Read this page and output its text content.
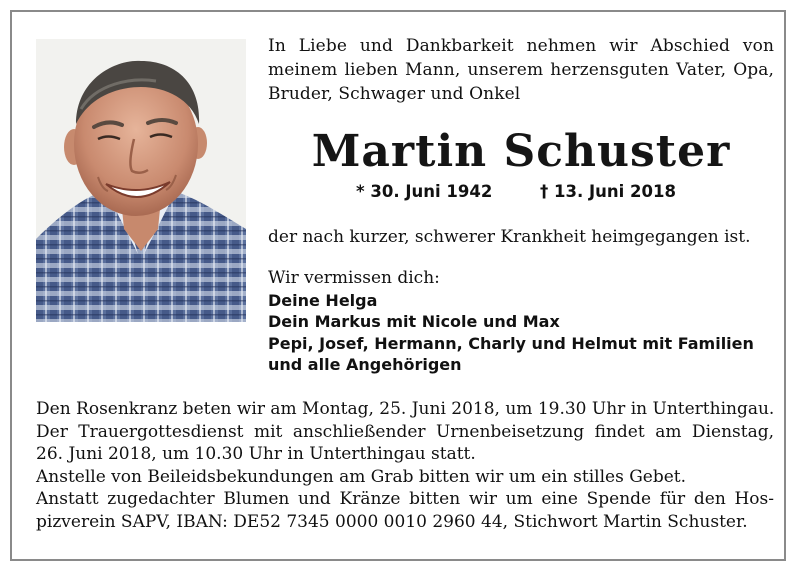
In Liebe und Dankbarkeit nehmen wir Abschied von
meinem lieben Mann, unserem herzensguten Vater, Opa,
Bruder, Schwager und Onkel
Martin Schuster
* 30. Juni 1942	† 13. Juni 2018
der nach kurzer, schwerer Krankheit heimgegangen ist.
Wir vermissen dich:
Deine Helga
Dein Markus mit Nicole und Max
Pepi, Josef, Hermann, Charly und Helmut mit Familien
und alle Angehörigen
Den Rosenkranz beten wir am Montag, 25. Juni 2018, um 19.30 Uhr in Unterthingau.
Der Trauergottesdienst mit anschließender Urnenbeisetzung findet am Dienstag,
26. Juni 2018, um 10.30 Uhr in Unterthingau statt.
Anstelle von Beileidsbekundungen am Grab bitten wir um ein stilles Gebet.
Anstatt zugedachter Blumen und Kränze bitten wir um eine Spende für den Hos-
pizverein SAPV, IBAN: DE52 7345 0000 0010 2960 44, Stichwort Martin Schuster.
